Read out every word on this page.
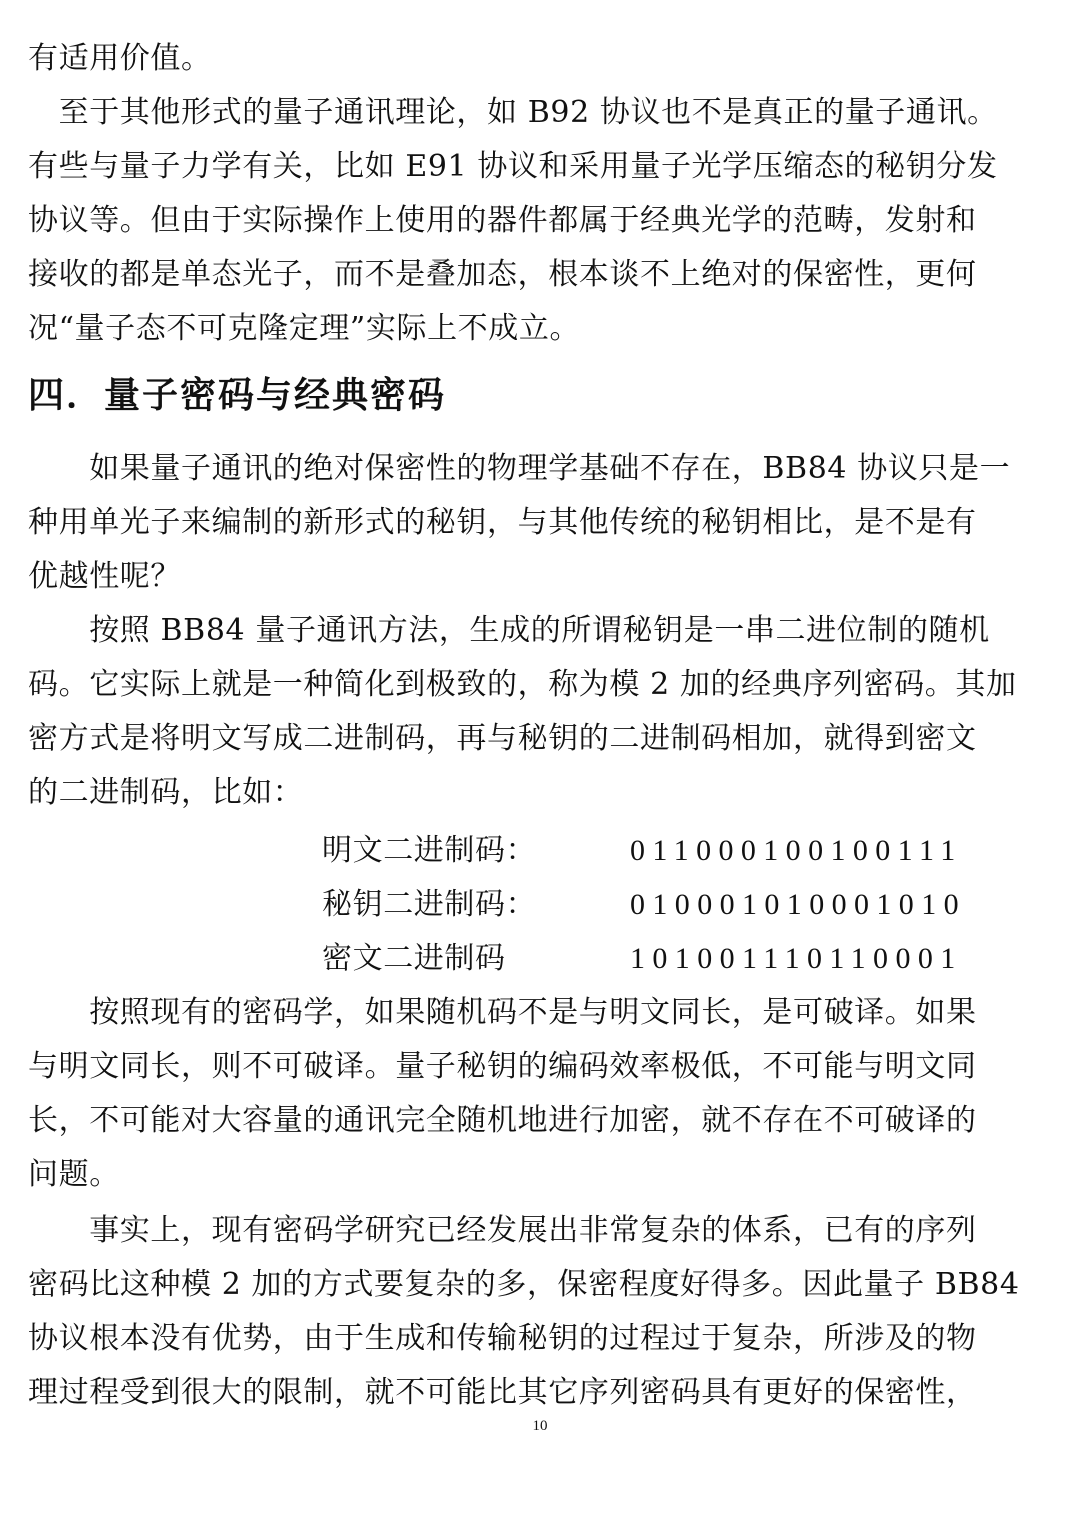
有适用价值。
　至于其他形式的量子通讯理论，如 B92 协议也不是真正的量子通讯。
有些与量子力学有关，比如 E91 协议和采用量子光学压缩态的秘钥分发
协议等。但由于实际操作上使用的器件都属于经典光学的范畴，发射和
接收的都是单态光子，而不是叠加态，根本谈不上绝对的保密性，更何
况“量子态不可克隆定理”实际上不成立。
四．量子密码与经典密码
　　如果量子通讯的绝对保密性的物理学基础不存在，BB84 协议只是一
种用单光子来编制的新形式的秘钥，与其他传统的秘钥相比，是不是有
优越性呢？
　　按照 BB84 量子通讯方法，生成的所谓秘钥是一串二进位制的随机
码。它实际上就是一种简化到极致的，称为模 2 加的经典序列密码。其加
密方式是将明文写成二进制码，再与秘钥的二进制码相加，就得到密文
的二进制码，比如：
明文二进制码：	011000100100111
秘钥二进制码：	010001010001010
密文二进制码	101001110110001
　　按照现有的密码学，如果随机码不是与明文同长，是可破译。如果
与明文同长，则不可破译。量子秘钥的编码效率极低，不可能与明文同
长，不可能对大容量的通讯完全随机地进行加密，就不存在不可破译的
问题。
　　事实上，现有密码学研究已经发展出非常复杂的体系，已有的序列
密码比这种模 2 加的方式要复杂的多，保密程度好得多。因此量子 BB84
协议根本没有优势，由于生成和传输秘钥的过程过于复杂，所涉及的物
理过程受到很大的限制，就不可能比其它序列密码具有更好的保密性，
10
